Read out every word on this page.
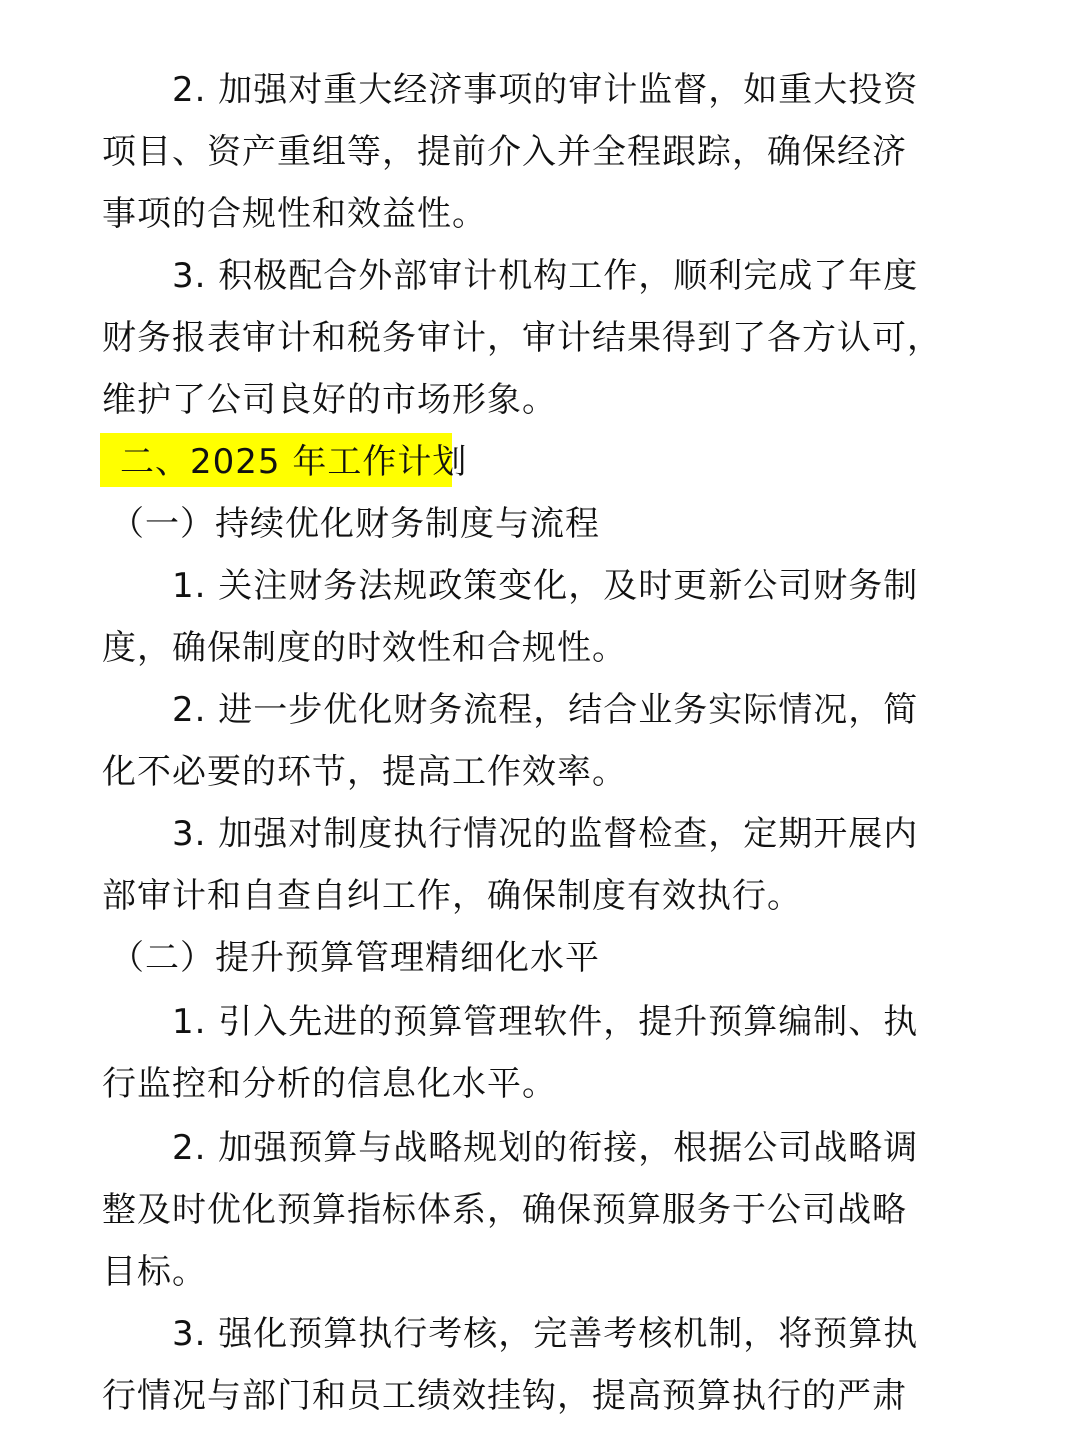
2. 加强对重大经济事项的审计监督，如重大投资
项目、资产重组等，提前介入并全程跟踪，确保经济
事项的合规性和效益性。
3. 积极配合外部审计机构工作，顺利完成了年度
财务报表审计和税务审计，审计结果得到了各方认可，
维护了公司良好的市场形象。
二、2025 年工作计划
（一）持续优化财务制度与流程
1. 关注财务法规政策变化，及时更新公司财务制
度，确保制度的时效性和合规性。
2. 进一步优化财务流程，结合业务实际情况，简
化不必要的环节，提高工作效率。
3. 加强对制度执行情况的监督检查，定期开展内
部审计和自查自纠工作，确保制度有效执行。
（二）提升预算管理精细化水平
1. 引入先进的预算管理软件，提升预算编制、执
行监控和分析的信息化水平。
2. 加强预算与战略规划的衔接，根据公司战略调
整及时优化预算指标体系，确保预算服务于公司战略
目标。
3. 强化预算执行考核，完善考核机制，将预算执
行情况与部门和员工绩效挂钩，提高预算执行的严肃
